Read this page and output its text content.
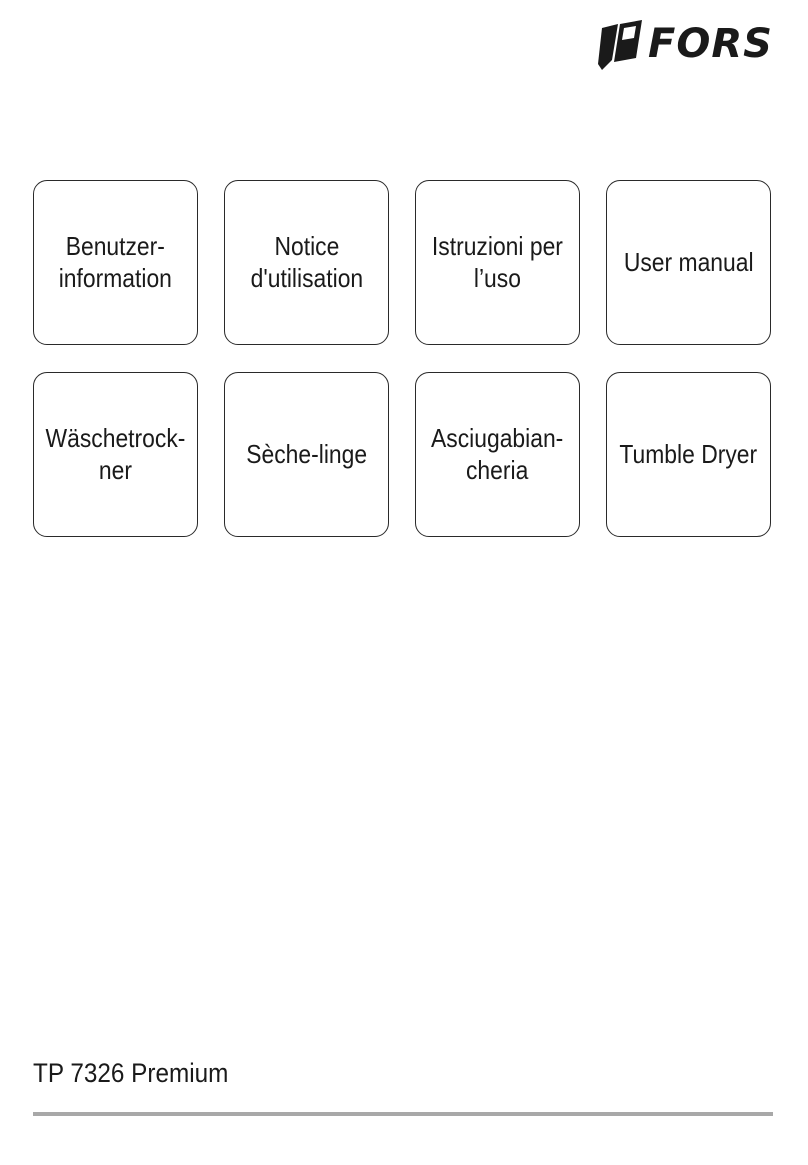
FORS
Benutzer-
information
Notice
d'utilisation
Istruzioni per
l’uso
User manual
Wäschetrock-
ner
Sèche-linge
Asciugabian-
cheria
Tumble Dryer
TP 7326 Premium
